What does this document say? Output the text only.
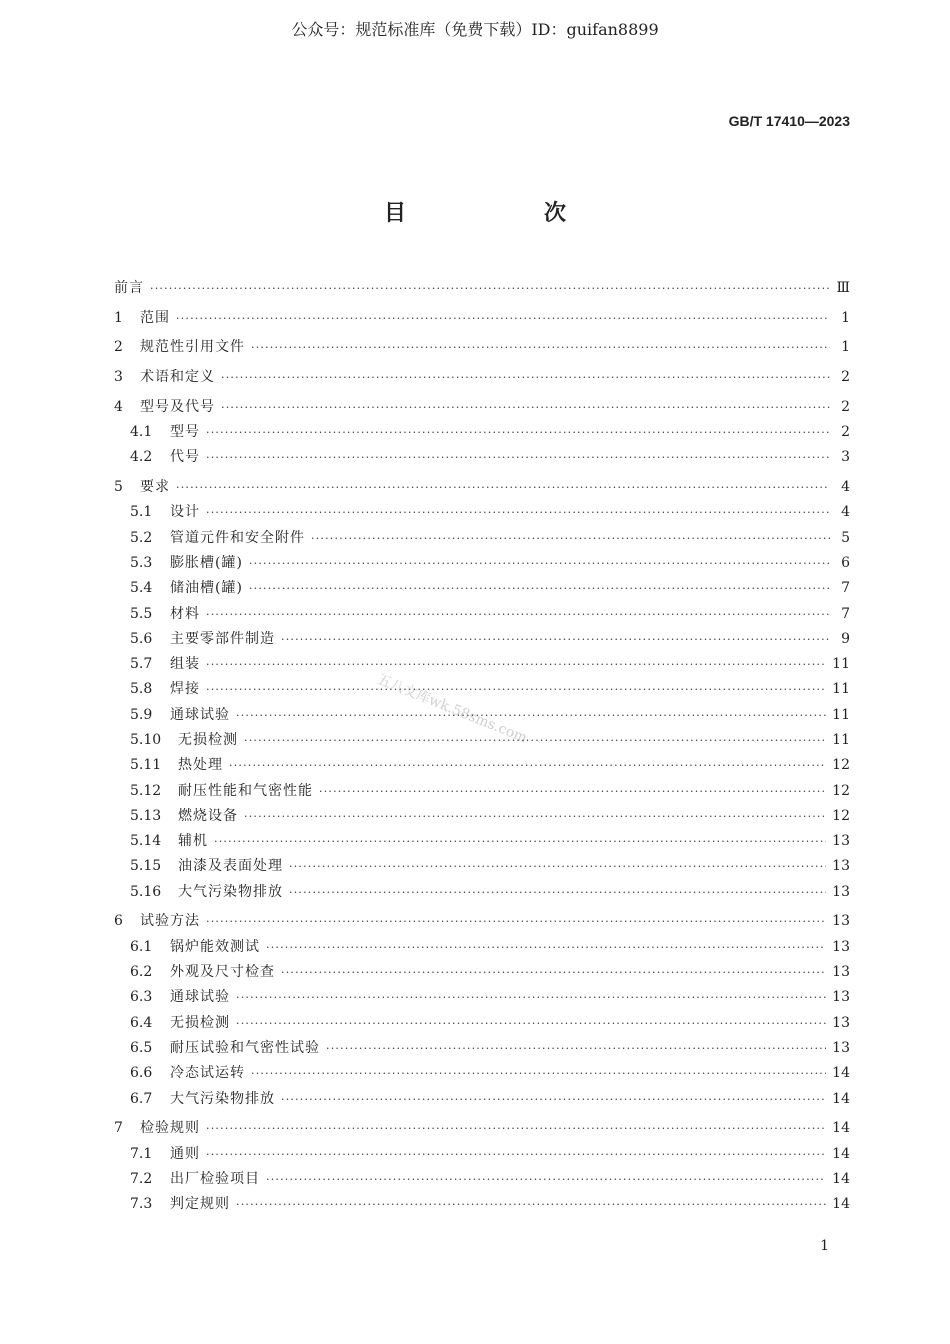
公众号：规范标准库（免费下载）ID：guifan8899
GB/T 17410—2023
目　次
五八文库wk.58sms.com
前言 ·····	Ⅲ
1	范围 ·····	1
2	规范性引用文件 ·····	1
3	术语和定义 ·····	2
4	型号及代号 ·····	2
4.1	型号 ·····	2
4.2	代号 ·····	3
5	要求 ·····	4
5.1	设计 ·····	4
5.2	管道元件和安全附件 ·····	5
5.3	膨胀槽(罐) ·····	6
5.4	储油槽(罐) ·····	7
5.5	材料 ·····	7
5.6	主要零部件制造 ·····	9
5.7	组装 ·····	11
5.8	焊接 ·····	11
5.9	通球试验 ·····	11
5.10	无损检测 ·····	11
5.11	热处理 ·····	12
5.12	耐压性能和气密性能 ·····	12
5.13	燃烧设备 ·····	12
5.14	辅机 ·····	13
5.15	油漆及表面处理 ·····	13
5.16	大气污染物排放 ·····	13
6	试验方法 ·····	13
6.1	锅炉能效测试 ·····	13
6.2	外观及尺寸检查 ·····	13
6.3	通球试验 ·····	13
6.4	无损检测 ·····	13
6.5	耐压试验和气密性试验 ·····	13
6.6	冷态试运转 ·····	14
6.7	大气污染物排放 ·····	14
7	检验规则 ·····	14
7.1	通则 ·····	14
7.2	出厂检验项目 ·····	14
7.3	判定规则 ·····	14
1
